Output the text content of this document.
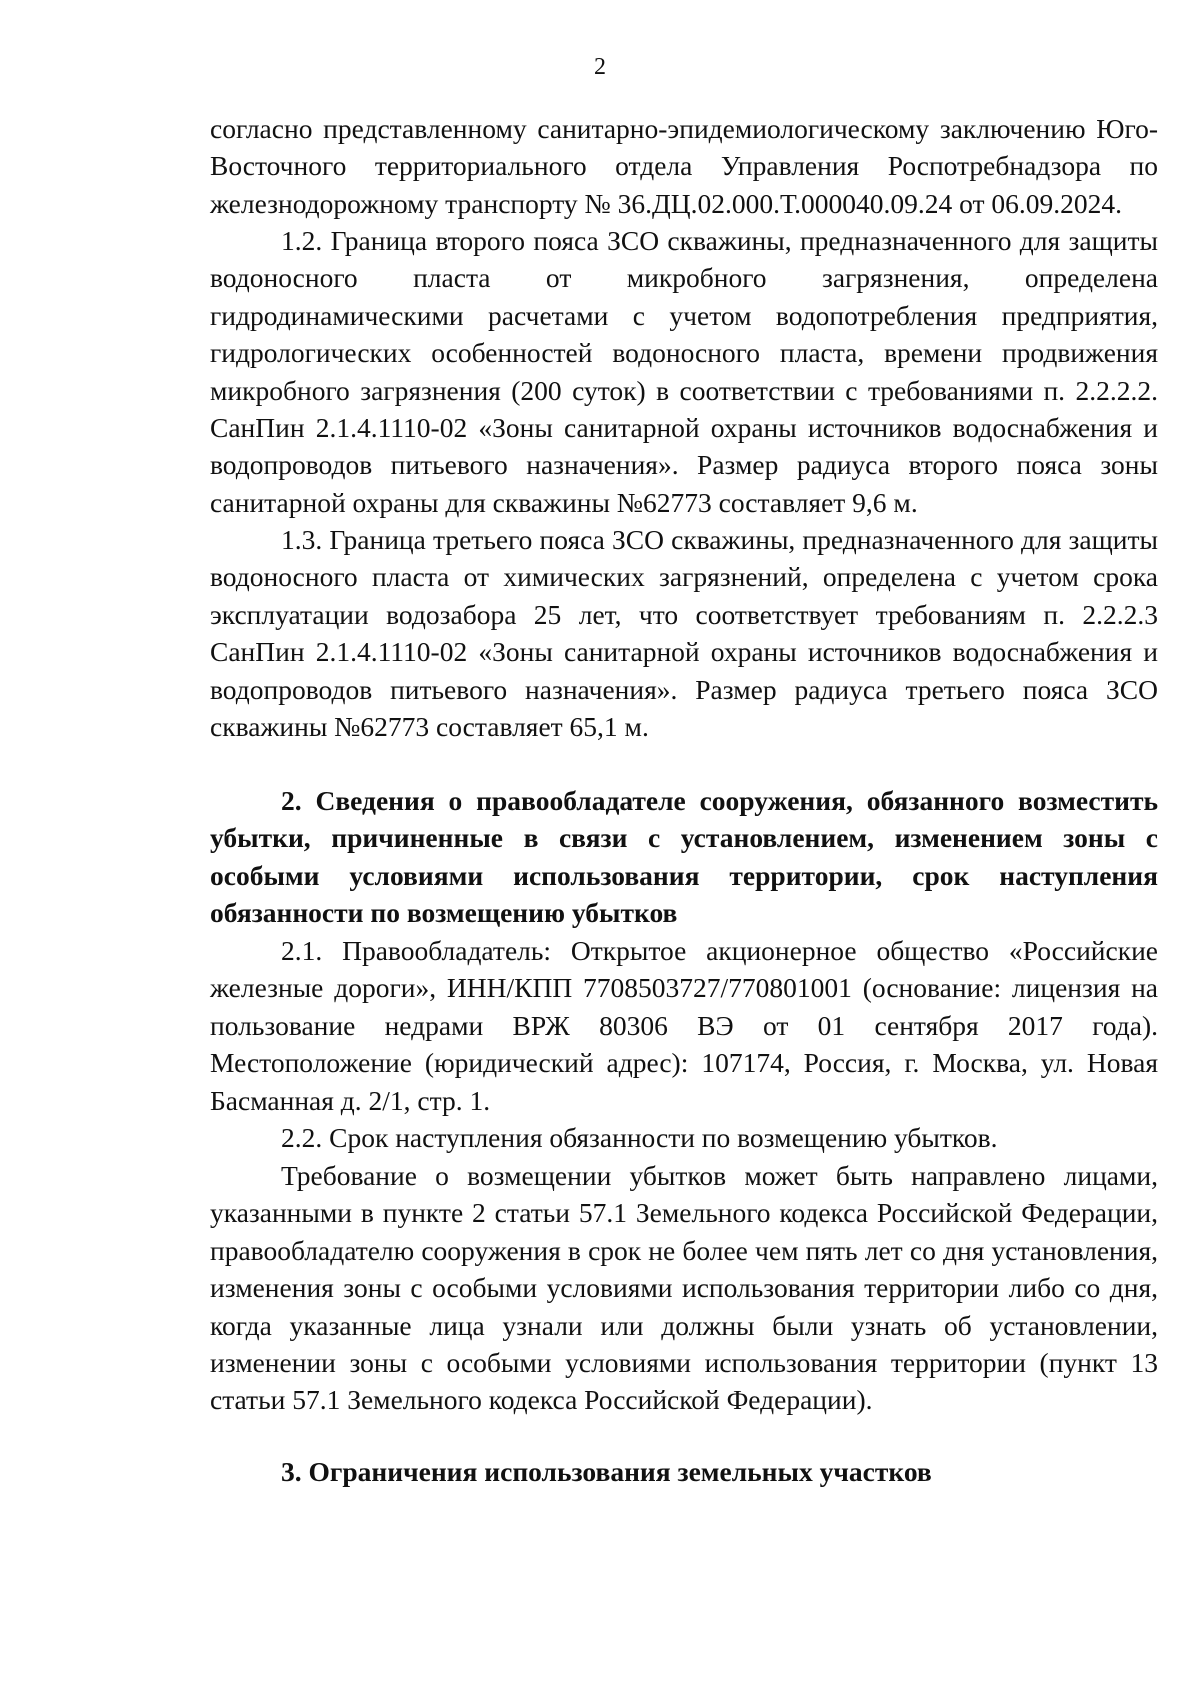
2

согласно представленному санитарно-эпидемиологическому заключению Юго-Восточного территориального отдела Управления Роспотребнадзора по железнодорожному транспорту № 36.ДЦ.02.000.Т.000040.09.24 от 06.09.2024.

1.2. Граница второго пояса ЗСО скважины, предназначенного для защиты водоносного пласта от микробного загрязнения, определена гидродинамическими расчетами с учетом водопотребления предприятия, гидрологических особенностей водоносного пласта, времени продвижения микробного загрязнения (200 суток) в соответствии с требованиями п. 2.2.2.2. СанПин 2.1.4.1110-02 «Зоны санитарной охраны источников водоснабжения и водопроводов питьевого назначения». Размер радиуса второго пояса зоны санитарной охраны для скважины №62773 составляет 9,6 м.

1.3. Граница третьего пояса ЗСО скважины, предназначенного для защиты водоносного пласта от химических загрязнений, определена с учетом срока эксплуатации водозабора 25 лет, что соответствует требованиям п. 2.2.2.3 СанПин 2.1.4.1110-02 «Зоны санитарной охраны источников водоснабжения и водопроводов питьевого назначения». Размер радиуса третьего пояса ЗСО скважины №62773 составляет 65,1 м.

2. Сведения о правообладателе сооружения, обязанного возместить убытки, причиненные в связи с установлением, изменением зоны с особыми условиями использования территории, срок наступления обязанности по возмещению убытков

2.1. Правообладатель: Открытое акционерное общество «Российские железные дороги», ИНН/КПП 7708503727/770801001 (основание: лицензия на пользование недрами ВРЖ 80306 ВЭ от 01 сентября 2017 года). Местоположение (юридический адрес): 107174, Россия, г. Москва, ул. Новая Басманная д. 2/1, стр. 1.

2.2. Срок наступления обязанности по возмещению убытков.

Требование о возмещении убытков может быть направлено лицами, указанными в пункте 2 статьи 57.1 Земельного кодекса Российской Федерации, правообладателю сооружения в срок не более чем пять лет со дня установления, изменения зоны с особыми условиями использования территории либо со дня, когда указанные лица узнали или должны были узнать об установлении, изменении зоны с особыми условиями использования территории (пункт 13 статьи 57.1 Земельного кодекса Российской Федерации).

3. Ограничения использования земельных участков
